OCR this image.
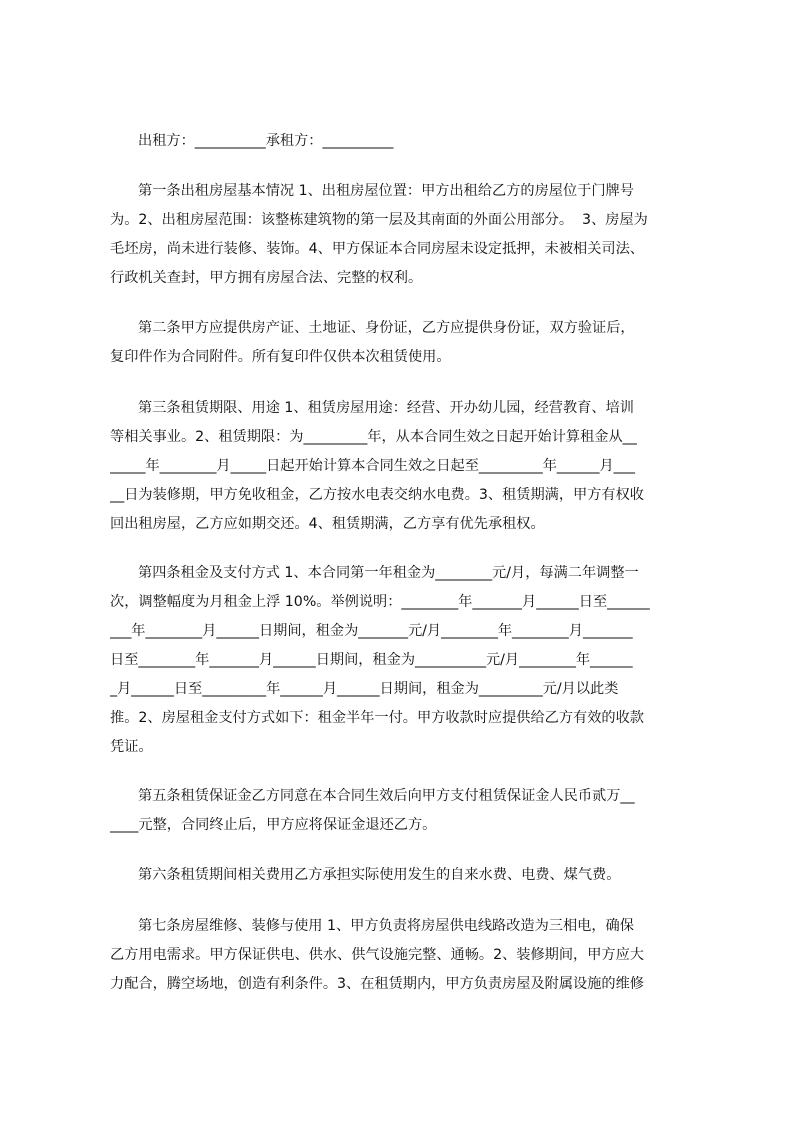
出租方：__________承租方：__________
第一条出租房屋基本情况 1、出租房屋位置：甲方出租给乙方的房屋位于门牌号
为。2、出租房屋范围：该整栋建筑物的第一层及其南面的外面公用部分。  3、房屋为
毛坯房，尚未进行装修、装饰。4、甲方保证本合同房屋未设定抵押，未被相关司法、
行政机关查封，甲方拥有房屋合法、完整的权利。
第二条甲方应提供房产证、土地证、身份证，乙方应提供身份证，双方验证后，
复印件作为合同附件。所有复印件仅供本次租赁使用。
第三条租赁期限、用途 1、租赁房屋用途：经营、开办幼儿园，经营教育、培训
等相关事业。2、租赁期限：为_________年，从本合同生效之日起开始计算租金从__
_____年________月_____日起开始计算本合同生效之日起至_________年______月___
__日为装修期，甲方免收租金，乙方按水电表交纳水电费。3、租赁期满，甲方有权收
回出租房屋，乙方应如期交还。4、租赁期满，乙方享有优先承租权。
第四条租金及支付方式 1、本合同第一年租金为________元/月，每满二年调整一
次，调整幅度为月租金上浮 10%。举例说明：________年_______月______日至______
___年________月______日期间，租金为_______元/月________年________月_______
日至________年_______月______日期间，租金为__________元/月________年______
_月______日至_________年______月______日期间，租金为_________元/月以此类
推。2、房屋租金支付方式如下：租金半年一付。甲方收款时应提供给乙方有效的收款
凭证。
第五条租赁保证金乙方同意在本合同生效后向甲方支付租赁保证金人民币贰万__
____元整，合同终止后，甲方应将保证金退还乙方。
第六条租赁期间相关费用乙方承担实际使用发生的自来水费、电费、煤气费。
第七条房屋维修、装修与使用 1、甲方负责将房屋供电线路改造为三相电，确保
乙方用电需求。甲方保证供电、供水、供气设施完整、通畅。2、装修期间，甲方应大
力配合，腾空场地，创造有利条件。3、在租赁期内，甲方负责房屋及附属设施的维修
